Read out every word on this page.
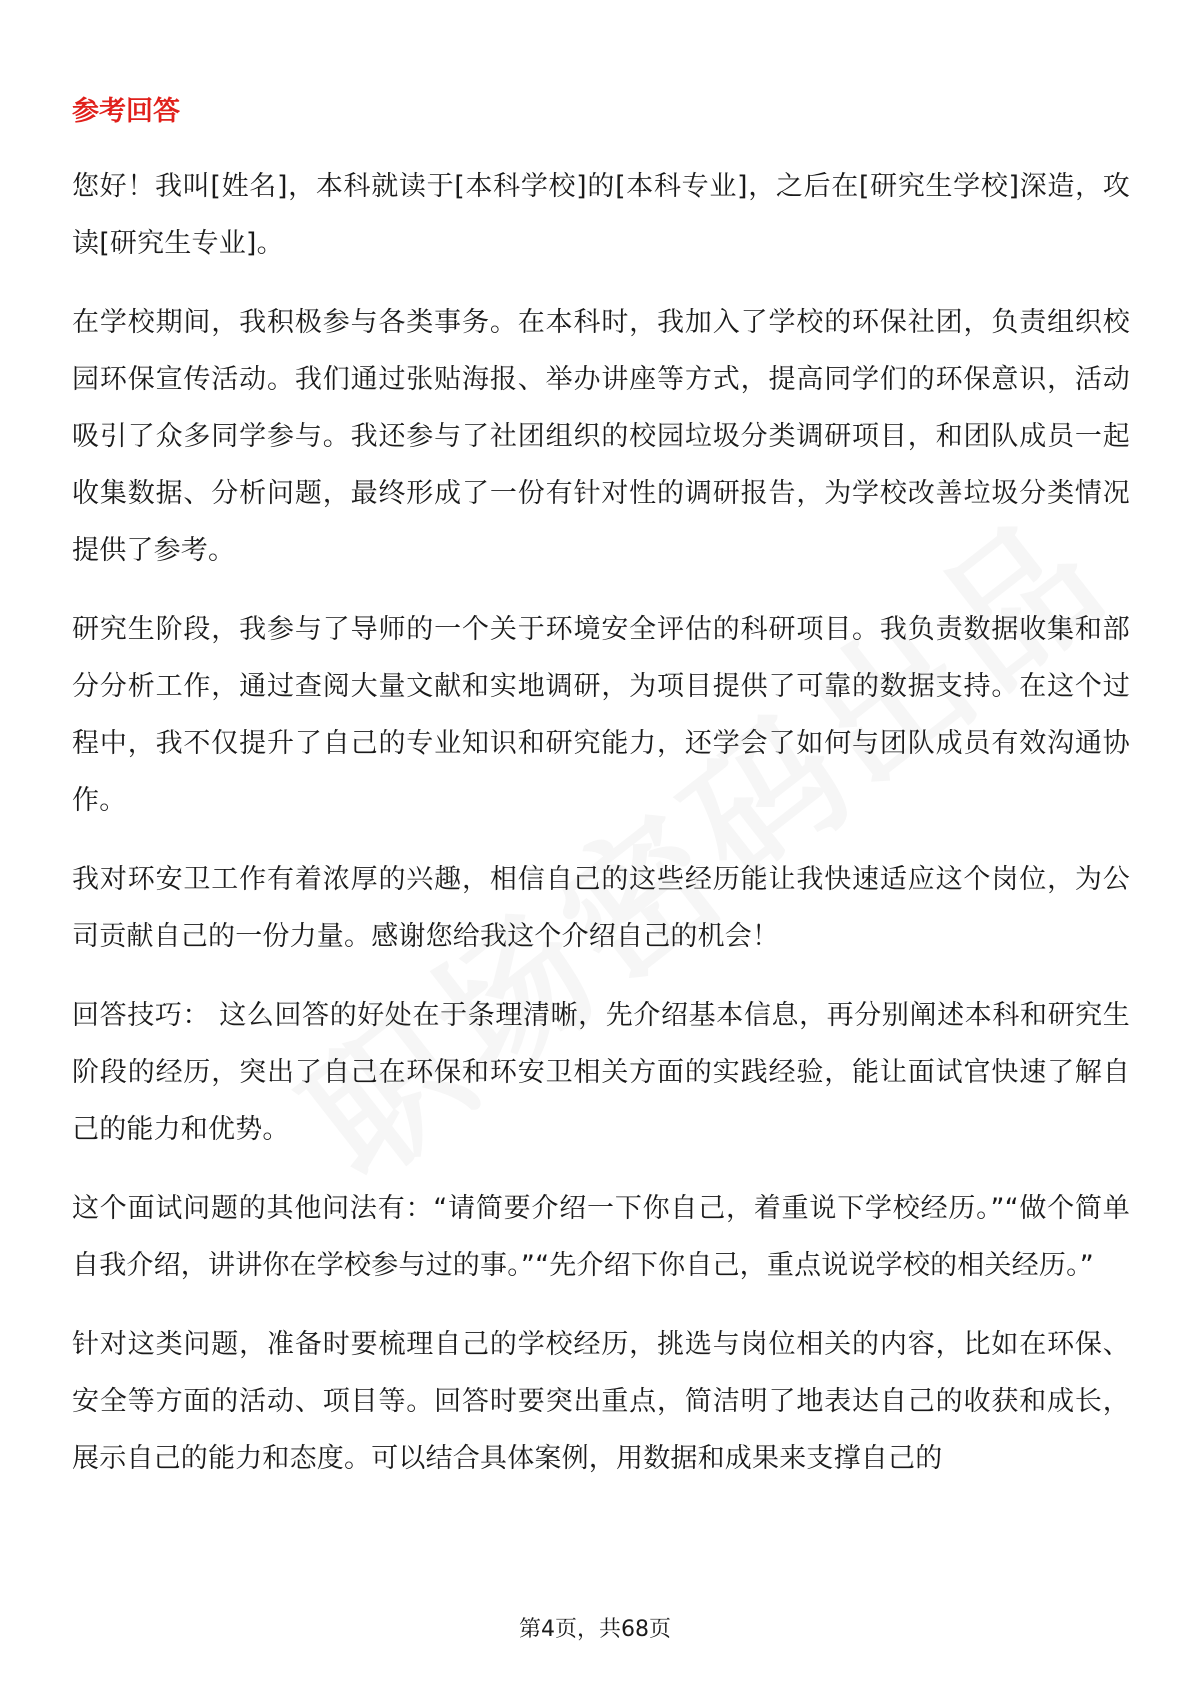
参考回答

您好！我叫[姓名]，本科就读于[本科学校]的[本科专业]，之后在[研究生学校]深造，攻读[研究生专业]。

在学校期间，我积极参与各类事务。在本科时，我加入了学校的环保社团，负责组织校园环保宣传活动。我们通过张贴海报、举办讲座等方式，提高同学们的环保意识，活动吸引了众多同学参与。我还参与了社团组织的校园垃圾分类调研项目，和团队成员一起收集数据、分析问题，最终形成了一份有针对性的调研报告，为学校改善垃圾分类情况提供了参考。

研究生阶段，我参与了导师的一个关于环境安全评估的科研项目。我负责数据收集和部分分析工作，通过查阅大量文献和实地调研，为项目提供了可靠的数据支持。在这个过程中，我不仅提升了自己的专业知识和研究能力，还学会了如何与团队成员有效沟通协作。

我对环安卫工作有着浓厚的兴趣，相信自己的这些经历能让我快速适应这个岗位，为公司贡献自己的一份力量。感谢您给我这个介绍自己的机会！

回答技巧： 这么回答的好处在于条理清晰，先介绍基本信息，再分别阐述本科和研究生阶段的经历，突出了自己在环保和环安卫相关方面的实践经验，能让面试官快速了解自己的能力和优势。

这个面试问题的其他问法有：“请简要介绍一下你自己，着重说下学校经历。”“做个简单自我介绍，讲讲你在学校参与过的事。”“先介绍下你自己，重点说说学校的相关经历。”

针对这类问题，准备时要梳理自己的学校经历，挑选与岗位相关的内容，比如在环保、安全等方面的活动、项目等。回答时要突出重点，简洁明了地表达自己的收获和成长，展示自己的能力和态度。可以结合具体案例，用数据和成果来支撑自己的

第4页，共68页
